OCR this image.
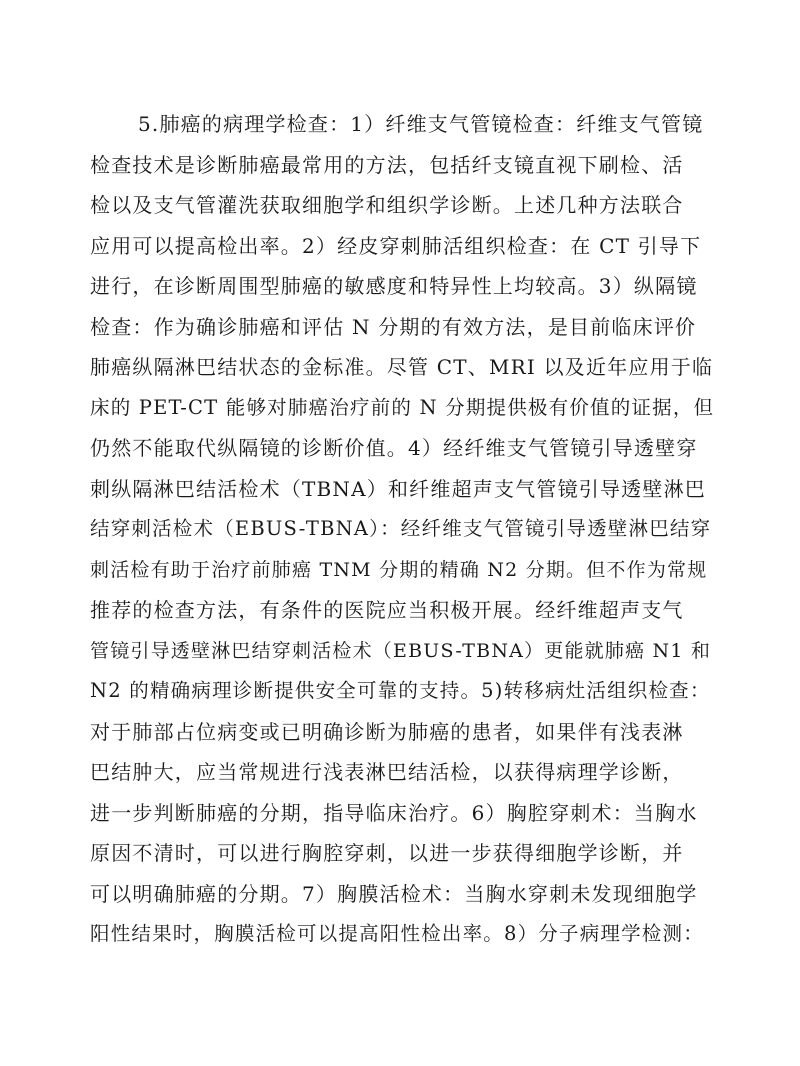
5.肺癌的病理学检查：1）纤维支气管镜检查：纤维支气管镜
检查技术是诊断肺癌最常用的方法，包括纤支镜直视下刷检、活
检以及支气管灌洗获取细胞学和组织学诊断。上述几种方法联合
应用可以提高检出率。2）经皮穿刺肺活组织检查：在 CT 引导下
进行，在诊断周围型肺癌的敏感度和特异性上均较高。3）纵隔镜
检查：作为确诊肺癌和评估 N 分期的有效方法，是目前临床评价
肺癌纵隔淋巴结状态的金标准。尽管 CT、MRI 以及近年应用于临
床的 PET-CT 能够对肺癌治疗前的 N 分期提供极有价值的证据，但
仍然不能取代纵隔镜的诊断价值。4）经纤维支气管镜引导透壁穿
刺纵隔淋巴结活检术（TBNA）和纤维超声支气管镜引导透壁淋巴
结穿刺活检术（EBUS-TBNA）：经纤维支气管镜引导透壁淋巴结穿
刺活检有助于治疗前肺癌 TNM 分期的精确 N2 分期。但不作为常规
推荐的检查方法，有条件的医院应当积极开展。经纤维超声支气
管镜引导透壁淋巴结穿刺活检术（EBUS-TBNA）更能就肺癌 N1 和
N2 的精确病理诊断提供安全可靠的支持。5)转移病灶活组织检查：
对于肺部占位病变或已明确诊断为肺癌的患者，如果伴有浅表淋
巴结肿大，应当常规进行浅表淋巴结活检，以获得病理学诊断，
进一步判断肺癌的分期，指导临床治疗。6）胸腔穿刺术：当胸水
原因不清时，可以进行胸腔穿刺，以进一步获得细胞学诊断，并
可以明确肺癌的分期。7）胸膜活检术：当胸水穿刺未发现细胞学
阳性结果时，胸膜活检可以提高阳性检出率。8）分子病理学检测：
